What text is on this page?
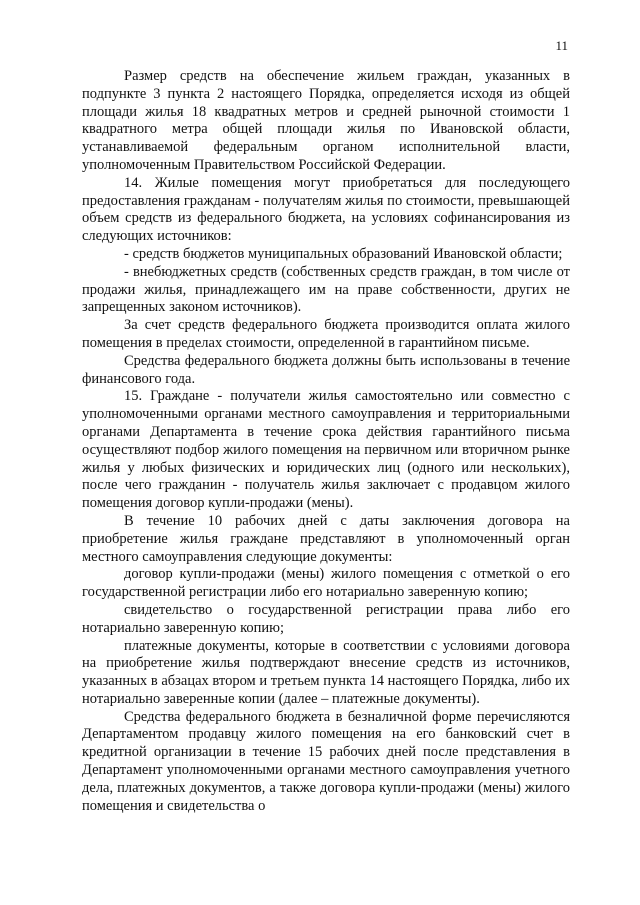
11

Размер средств на обеспечение жильем граждан, указанных в подпункте 3 пункта 2 настоящего Порядка, определяется исходя из общей площади жилья 18 квадратных метров и средней рыночной стоимости 1 квадратного метра общей площади жилья по Ивановской области, устанавливаемой федеральным органом исполнительной власти, уполномоченным Правительством Российской Федерации.

14. Жилые помещения могут приобретаться для последующего предоставления гражданам - получателям жилья по стоимости, превышающей объем средств из федерального бюджета, на условиях софинансирования из следующих источников:

- средств бюджетов муниципальных образований Ивановской области;

- внебюджетных средств (собственных средств граждан, в том числе от продажи жилья, принадлежащего им на праве собственности, других не запрещенных законом источников).

За счет средств федерального бюджета производится оплата жилого помещения в пределах стоимости, определенной в гарантийном письме.

Средства федерального бюджета должны быть использованы в течение финансового года.

15. Граждане - получатели жилья самостоятельно или совместно с уполномоченными органами местного самоуправления и территориальными органами Департамента в течение срока действия гарантийного письма осуществляют подбор жилого помещения на первичном или вторичном рынке жилья у любых физических и юридических лиц (одного или нескольких), после чего гражданин - получатель жилья заключает с продавцом жилого помещения договор купли-продажи (мены).

В течение 10 рабочих дней с даты заключения договора на приобретение жилья граждане представляют в уполномоченный орган местного самоуправления следующие документы:

договор купли-продажи (мены) жилого помещения с отметкой о его государственной регистрации либо его нотариально заверенную копию;

свидетельство о государственной регистрации права либо его нотариально заверенную копию;

платежные документы, которые в соответствии с условиями договора на приобретение жилья подтверждают внесение средств из источников, указанных в абзацах втором и третьем пункта 14 настоящего Порядка, либо их нотариально заверенные копии (далее – платежные документы).

Средства федерального бюджета в безналичной форме перечисляются Департаментом продавцу жилого помещения на его банковский счет в кредитной организации в течение 15 рабочих дней после представления в Департамент уполномоченными органами местного самоуправления учетного дела, платежных документов, а также договора купли-продажи (мены) жилого помещения и свидетельства о
